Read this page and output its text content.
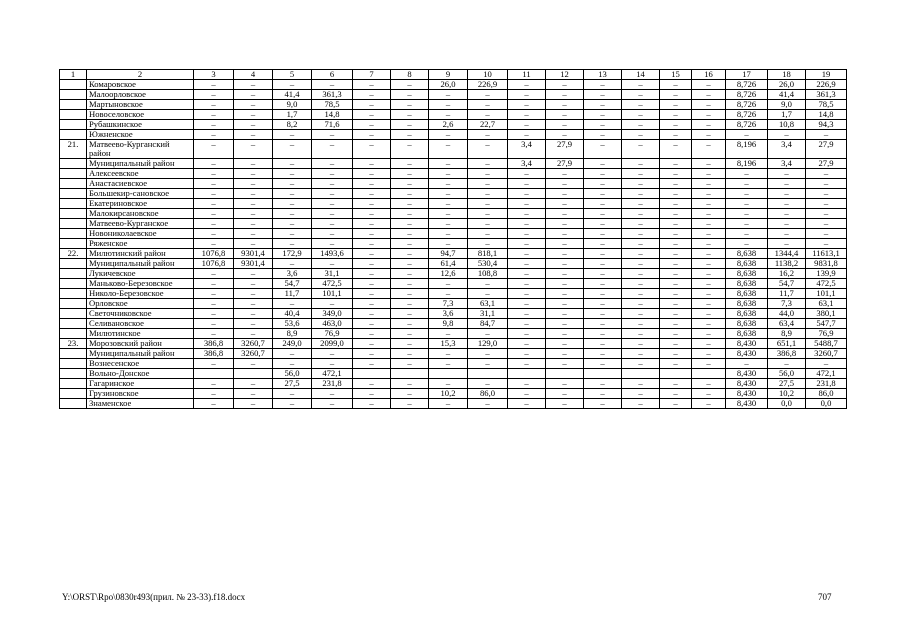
1	2	3	4	5	6	7	8	9	10	11	12	13	14	15	16	17	18	19
	Комаровское	–	–	–	–	–	–	26,0	226,9	–	–	–	–	–	–	8,726	26,0	226,9
	Малоорловское	–	–	41,4	361,3	–	–	–	–	–	–	–	–	–	–	8,726	41,4	361,3
	Мартыновское	–	–	9,0	78,5	–	–	–	–	–	–	–	–	–	–	8,726	9,0	78,5
	Новоселовское	–	–	1,7	14,8	–	–	–	–	–	–	–	–	–	–	8,726	1,7	14,8
	Рубашкинское	–	–	8,2	71,6	–	–	2,6	22,7	–	–	–	–	–	–	8,726	10,8	94,3
	Южненское	–	–	–	–	–	–	–	–	–	–	–	–	–	–	–	–	–
21.	Матвеево-Курганский район	–	–	–	–	–	–	–	–	3,4	27,9	–	–	–	–	8,196	3,4	27,9
	Муниципальный район	–	–	–	–	–	–	–	–	3,4	27,9	–	–	–	–	8,196	3,4	27,9
	Алексеевское	–	–	–	–	–	–	–	–	–	–	–	–	–	–	–	–	–
	Анастасиевское	–	–	–	–	–	–	–	–	–	–	–	–	–	–	–	–	–
	Большекир-сановское	–	–	–	–	–	–	–	–	–	–	–	–	–	–	–	–	–
	Екатериновское	–	–	–	–	–	–	–	–	–	–	–	–	–	–	–	–	–
	Малокирсановское	–	–	–	–	–	–	–	–	–	–	–	–	–	–	–	–	–
	Матвеево-Курганское	–	–	–	–	–	–	–	–	–	–	–	–	–	–	–	–	–
	Новониколаевское	–	–	–	–	–	–	–	–	–	–	–	–	–	–	–	–	–
	Ряженское	–	–	–	–	–	–	–	–	–	–	–	–	–	–	–	–	–
22.	Милютинский район	1076,8	9301,4	172,9	1493,6	–	–	94,7	818,1	–	–	–	–	–	–	8,638	1344,4	11613,1
	Муниципальный район	1076,8	9301,4	–	–	–	–	61,4	530,4	–	–	–	–	–	–	8,638	1138,2	9831,8
	Лукичевское	–	–	3,6	31,1	–	–	12,6	108,8	–	–	–	–	–	–	8,638	16,2	139,9
	Маньково-Березовское	–	–	54,7	472,5	–	–	–	–	–	–	–	–	–	–	8,638	54,7	472,5
	Николо-Березовское	–	–	11,7	101,1	–	–	–	–	–	–	–	–	–	–	8,638	11,7	101,1
	Орловское	–	–	–	–	–	–	7,3	63,1	–	–	–	–	–	–	8,638	7,3	63,1
	Светочниковское	–	–	40,4	349,0	–	–	3,6	31,1	–	–	–	–	–	–	8,638	44,0	380,1
	Селивановское	–	–	53,6	463,0	–	–	9,8	84,7	–	–	–	–	–	–	8,638	63,4	547,7
	Милютинское	–	–	8,9	76,9	–	–	–	–	–	–	–	–	–	–	8,638	8,9	76,9
23.	Морозовский район	386,8	3260,7	249,0	2099,0	–	–	15,3	129,0	–	–	–	–	–	–	8,430	651,1	5488,7
	Муниципальный район	386,8	3260,7	–	–	–	–	–	–	–	–	–	–	–	–	8,430	386,8	3260,7
	Вознесенское	–	–	–	–	–	–	–	–	–	–	–	–	–	–	–	–	–
	Вольно-Донское			56,0	472,1											8,430	56,0	472,1
	Гагаринское	–	–	27,5	231,8	–	–	–	–	–	–	–	–	–	–	8,430	27,5	231,8
	Грузиновское	–	–	–	–	–	–	10,2	86,0	–	–	–	–	–	–	8,430	10,2	86,0
	Знаменское	–	–	–	–	–	–	–	–	–	–	–	–	–	–	8,430	0,0	0,0
Y:\ORST\Rpo\0830r493(прил. № 23-33).f18.docx	707
